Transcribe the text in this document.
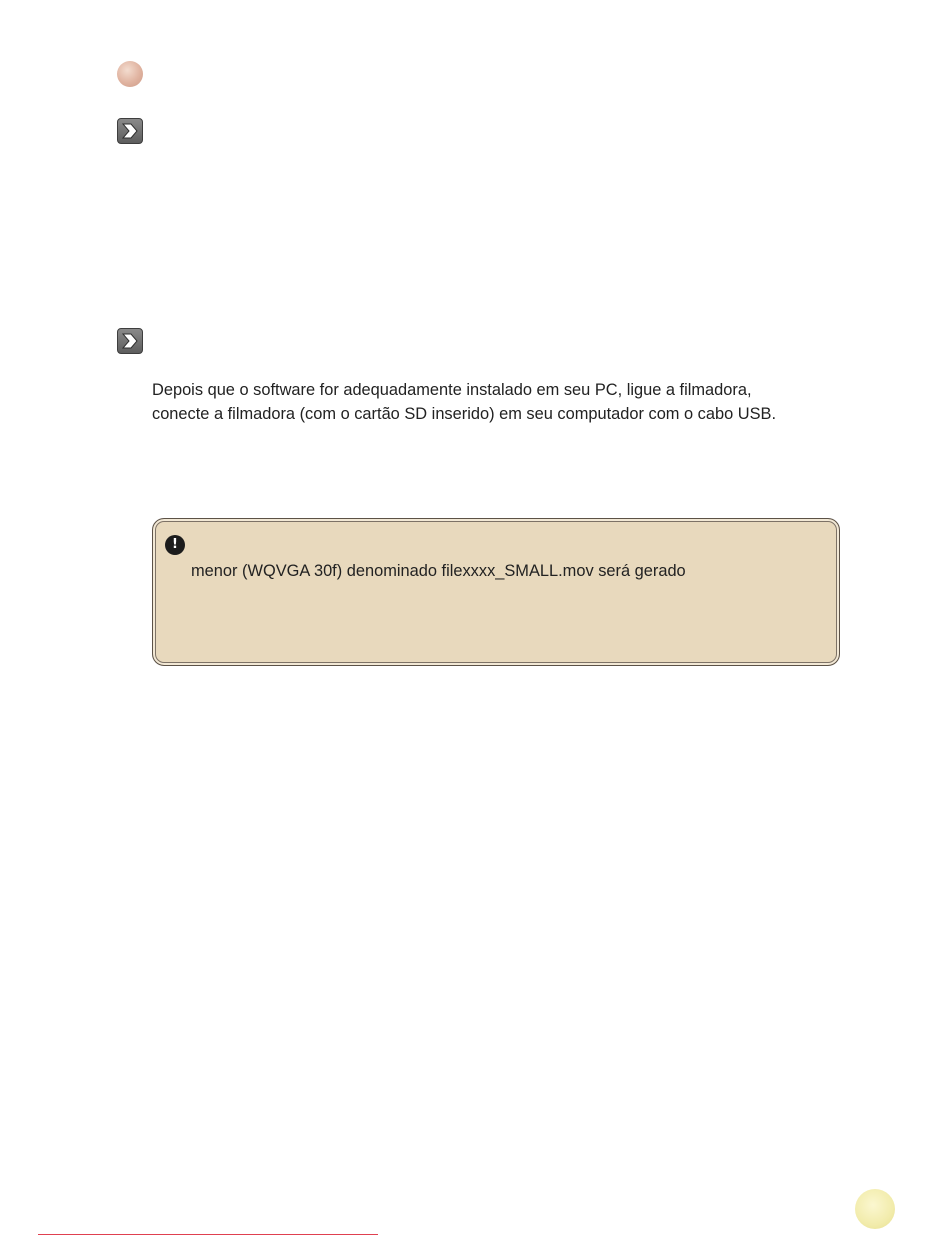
Depois que o software for adequadamente instalado em seu PC, ligue a filmadora,

conecte a filmadora (com o cartão SD inserido) em seu computador com o cabo USB.

!
menor (WQVGA 30f) denominado filexxxx_SMALL.mov será gerado
